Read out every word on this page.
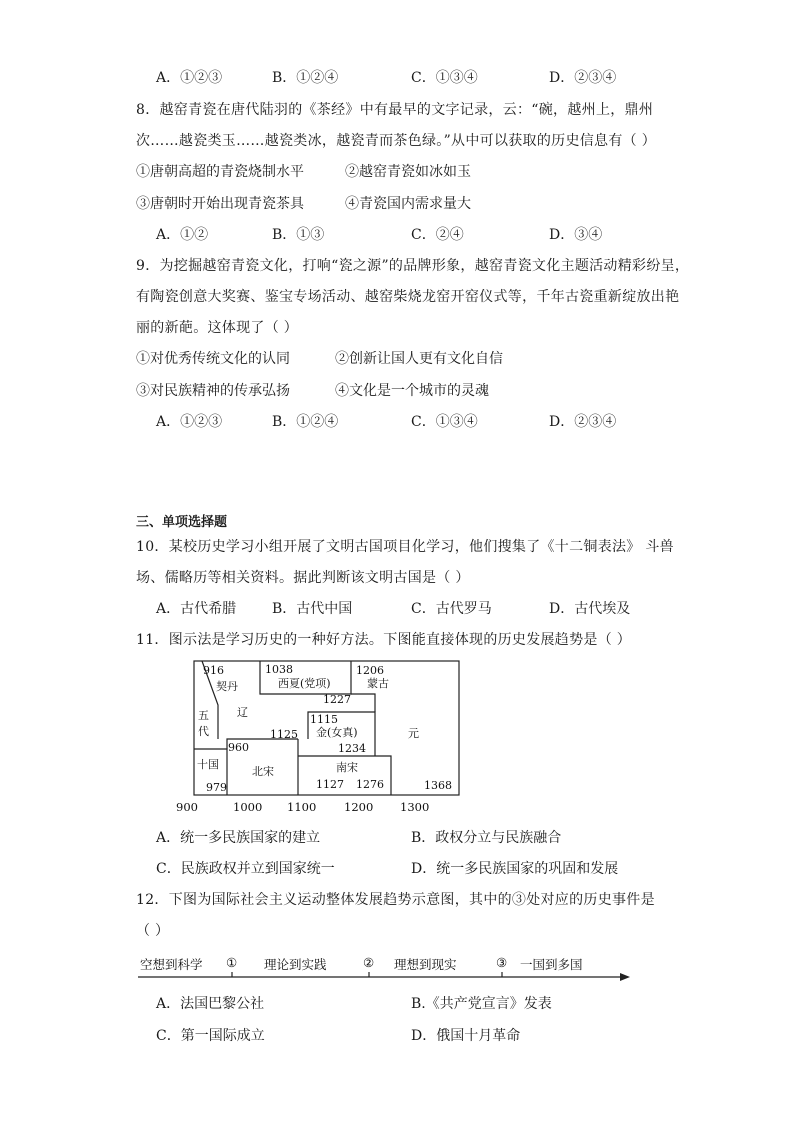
A．①②③	B．①②④	C．①③④	D．②③④
8．越窑青瓷在唐代陆羽的《茶经》中有最早的文字记录，云：“碗，越州上，鼎州
次……越瓷类玉……越瓷类冰，越瓷青而茶色绿。”从中可以获取的历史信息有（ ）
①唐朝高超的青瓷烧制水平	②越窑青瓷如冰如玉
③唐朝时开始出现青瓷茶具	④青瓷国内需求量大
A．①②	B．①③	C．②④	D．③④
9．为挖掘越窑青瓷文化，打响“瓷之源”的品牌形象，越窑青瓷文化主题活动精彩纷呈，
有陶瓷创意大奖赛、鉴宝专场活动、越窑柴烧龙窑开窑仪式等，千年古瓷重新绽放出艳
丽的新葩。这体现了（ ）
①对优秀传统文化的认同	②创新让国人更有文化自信
③对民族精神的传承弘扬	④文化是一个城市的灵魂
A．①②③	B．①②④	C．①③④	D．②③④
三、单项选择题
10．某校历史学习小组开展了文明古国项目化学习，他们搜集了《十二铜表法》 斗兽
场、儒略历等相关资料。据此判断该文明古国是（ ）
A．古代希腊	B．古代中国	C．古代罗马	D．古代埃及
11．图示法是学习历史的一种好方法。下图能直接体现的历史发展趋势是（ ）
916
契丹
辽
五
代
1038
西夏(党项)
1227
1206
蒙古
1115
金(女真)
1125
1234
元
960
十国
979
北宋	南宋
1127 1276	1368
900	1000 1100 1200 1300
A．统一多民族国家的建立	B．政权分立与民族融合
C．民族政权并立到国家统一	D．统一多民族国家的巩固和发展
12．下图为国际社会主义运动整体发展趋势示意图，其中的③处对应的历史事件是
（ ）
空想到科学	理论到实践	理想到现实	一国到多国
①	②	③
A．法国巴黎公社	B.《共产党宣言》发表
C．第一国际成立	D．俄国十月革命
